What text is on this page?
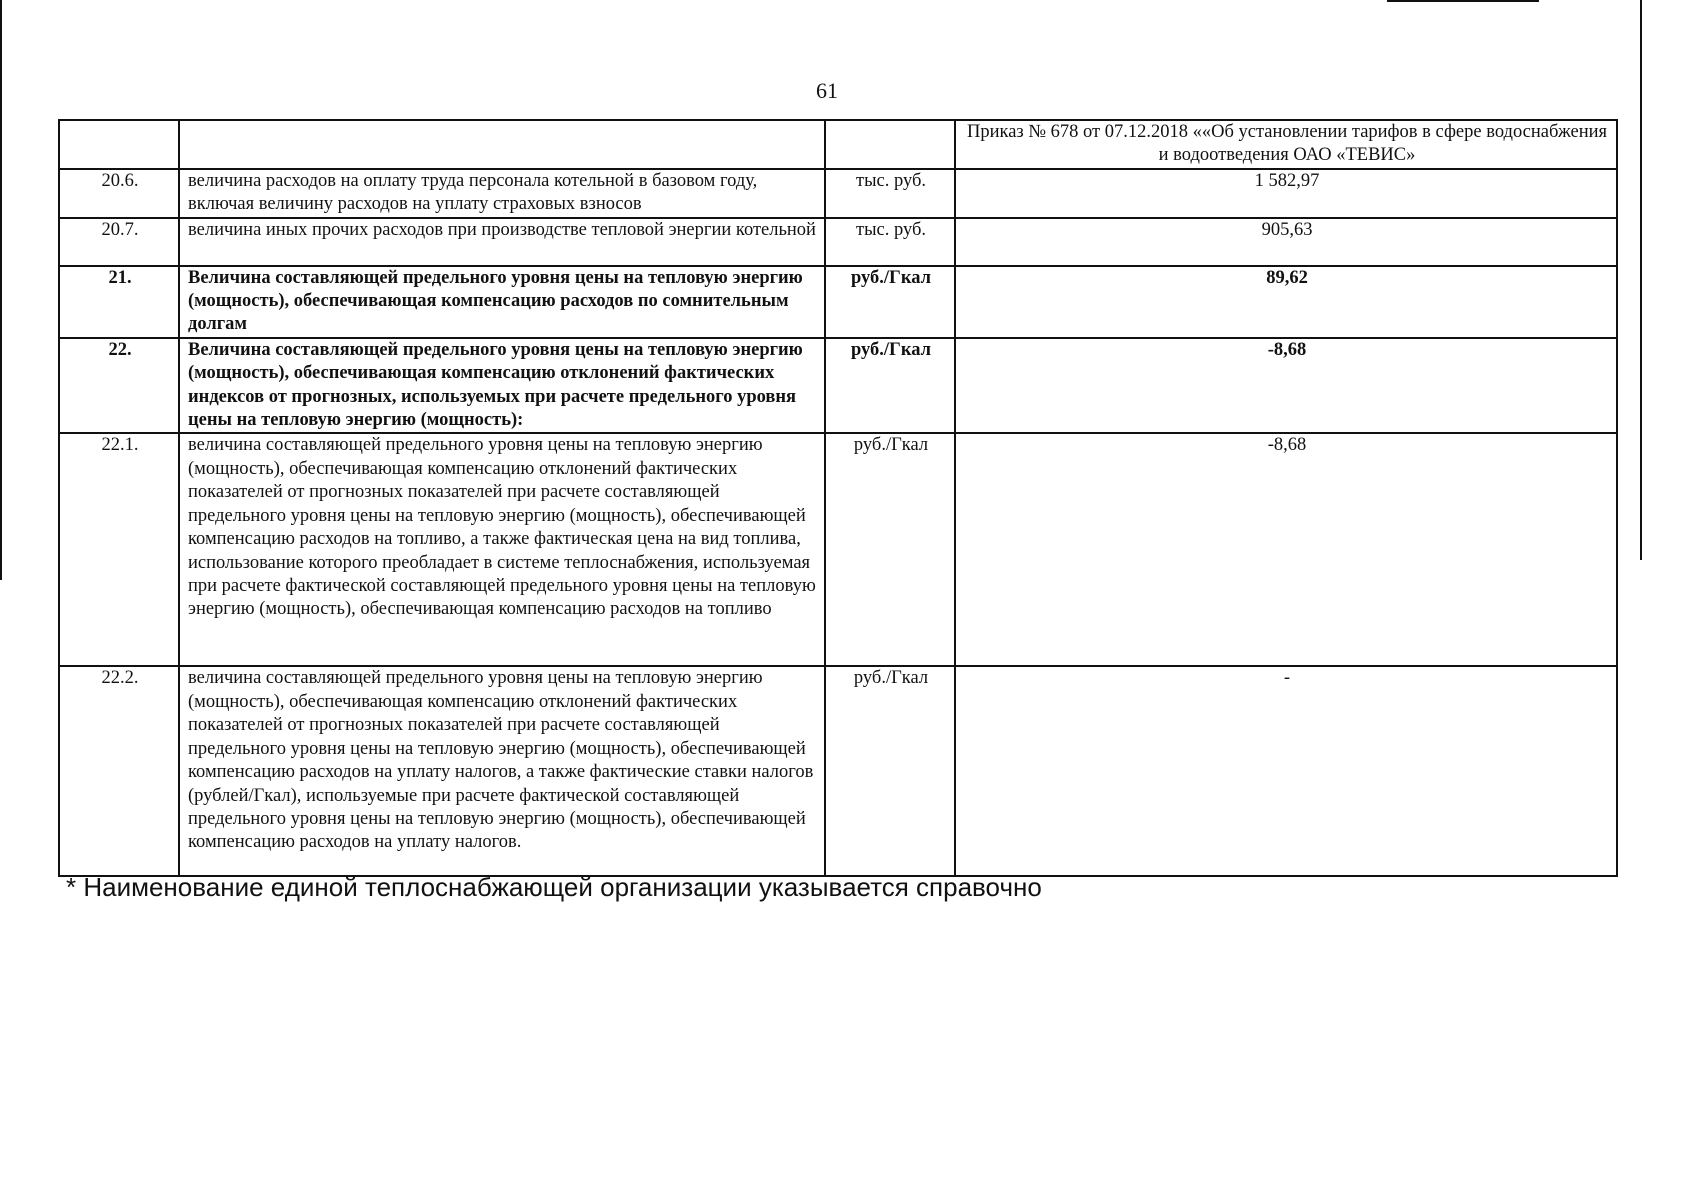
61
			Приказ № 678 от 07.12.2018 ««Об установлении тарифов в сфере водоснабжения и водоотведения ОАО «ТЕВИС»
20.6.	величина расходов на оплату труда персонала котельной в базовом году, включая величину расходов на уплату страховых взносов	тыс. руб.	1 582,97
20.7.	величина иных прочих расходов при производстве тепловой энергии котельной	тыс. руб.	905,63
21.	Величина составляющей предельного уровня цены на тепловую энергию (мощность), обеспечивающая компенсацию расходов по сомнительным долгам	руб./Гкал	89,62
22.	Величина составляющей предельного уровня цены на тепловую энергию (мощность), обеспечивающая компенсацию отклонений фактических индексов от прогнозных, используемых при расчете предельного уровня цены на тепловую энергию (мощность):	руб./Гкал	-8,68
22.1.	величина составляющей предельного уровня цены на тепловую энергию (мощность), обеспечивающая компенсацию отклонений фактических показателей от прогнозных показателей при расчете составляющей предельного уровня цены на тепловую энергию (мощность), обеспечивающей компенсацию расходов на топливо, а также фактическая цена на вид топлива, использование которого преобладает в системе теплоснабжения, используемая при расчете фактической составляющей предельного уровня цены на тепловую энергию (мощность), обеспечивающая компенсацию расходов на топливо	руб./Гкал	-8,68
22.2.	величина составляющей предельного уровня цены на тепловую энергию (мощность), обеспечивающая компенсацию отклонений фактических показателей от прогнозных показателей при расчете составляющей предельного уровня цены на тепловую энергию (мощность), обеспечивающей компенсацию расходов на уплату налогов, а также фактические ставки налогов (рублей/Гкал), используемые при расчете фактической составляющей предельного уровня цены на тепловую энергию (мощность), обеспечивающей компенсацию расходов на уплату налогов.	руб./Гкал	-
* Наименование единой теплоснабжающей организации указывается справочно
